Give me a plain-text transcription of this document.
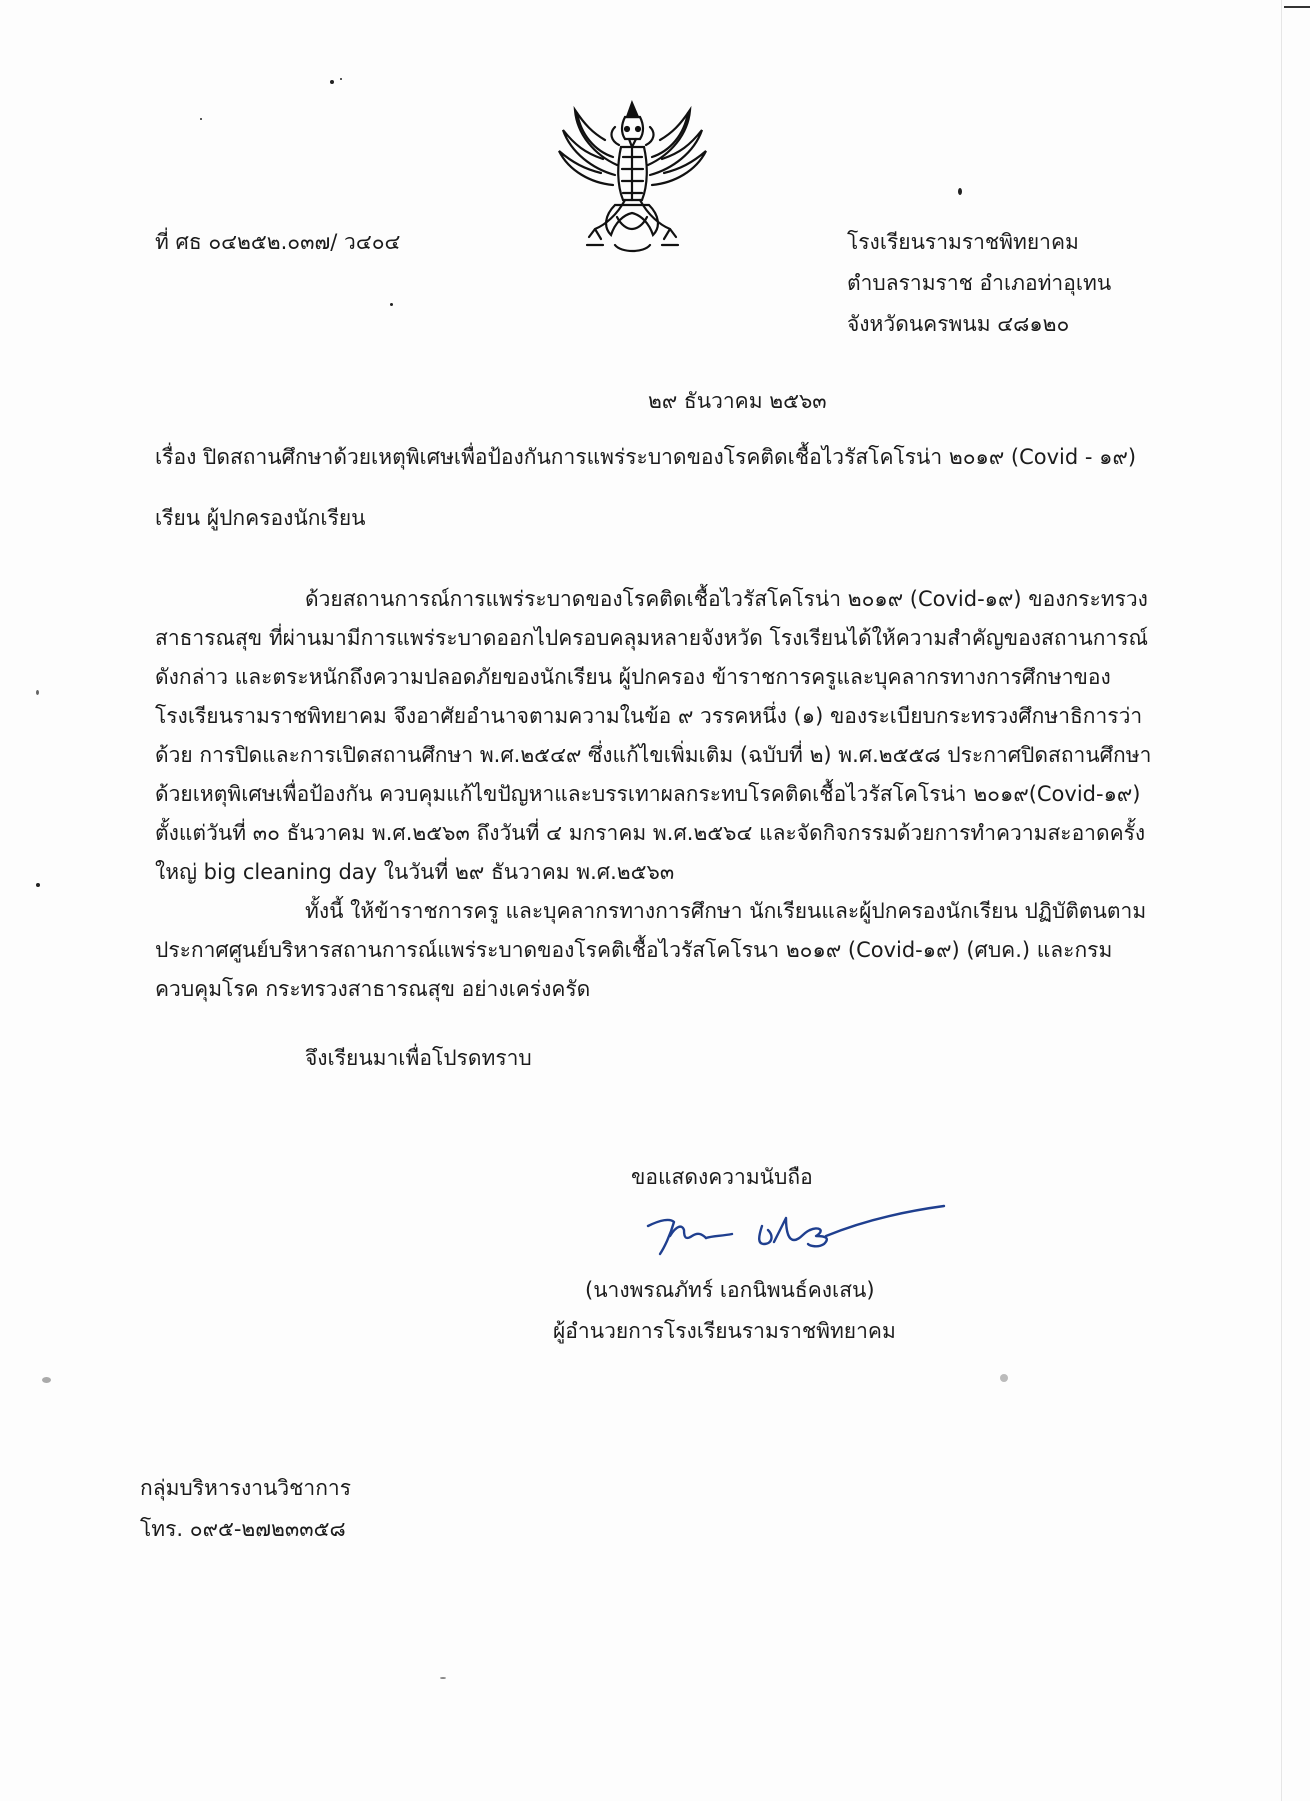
ที่ ศธ ๐๔๒๕๒.๐๓๗/ ว๔๐๔	โรงเรียนรามราชพิทยาคม
ตำบลรามราช อำเภอท่าอุเทน
จังหวัดนครพนม ๔๘๑๒๐
๒๙ ธันวาคม ๒๕๖๓
เรื่อง ปิดสถานศึกษาด้วยเหตุพิเศษเพื่อป้องกันการแพร่ระบาดของโรคติดเชื้อไวรัสโคโรน่า ๒๐๑๙ (Covid - ๑๙)
เรียน ผู้ปกครองนักเรียน
ด้วยสถานการณ์การแพร่ระบาดของโรคติดเชื้อไวรัสโคโรน่า ๒๐๑๙ (Covid-๑๙) ของกระทรวง
สาธารณสุข ที่ผ่านมามีการแพร่ระบาดออกไปครอบคลุมหลายจังหวัด โรงเรียนได้ให้ความสำคัญของสถานการณ์
ดังกล่าว และตระหนักถึงความปลอดภัยของนักเรียน ผู้ปกครอง ข้าราชการครูและบุคลากรทางการศึกษาของ
โรงเรียนรามราชพิทยาคม จึงอาศัยอำนาจตามความในข้อ ๙ วรรคหนึ่ง (๑) ของระเบียบกระทรวงศึกษาธิการว่า
ด้วย การปิดและการเปิดสถานศึกษา พ.ศ.๒๕๔๙ ซึ่งแก้ไขเพิ่มเติม (ฉบับที่ ๒) พ.ศ.๒๕๕๘ ประกาศปิดสถานศึกษา
ด้วยเหตุพิเศษเพื่อป้องกัน ควบคุมแก้ไขปัญหาและบรรเทาผลกระทบโรคติดเชื้อไวรัสโคโรน่า ๒๐๑๙(Covid-๑๙)
ตั้งแต่วันที่ ๓๐ ธันวาคม พ.ศ.๒๕๖๓ ถึงวันที่ ๔ มกราคม พ.ศ.๒๕๖๔ และจัดกิจกรรมด้วยการทำความสะอาดครั้ง
ใหญ่ big cleaning day ในวันที่ ๒๙ ธันวาคม พ.ศ.๒๕๖๓
ทั้งนี้ ให้ข้าราชการครู และบุคลากรทางการศึกษา นักเรียนและผู้ปกครองนักเรียน ปฏิบัติตนตาม
ประกาศศูนย์บริหารสถานการณ์แพร่ระบาดของโรคติเชื้อไวรัสโคโรนา ๒๐๑๙ (Covid-๑๙) (ศบค.) และกรม
ควบคุมโรค กระทรวงสาธารณสุข อย่างเคร่งครัด
จึงเรียนมาเพื่อโปรดทราบ
ขอแสดงความนับถือ
(นางพรณภัทร์ เอกนิพนธ์คงเสน)
ผู้อำนวยการโรงเรียนรามราชพิทยาคม
กลุ่มบริหารงานวิชาการ
โทร. ๐๙๕-๒๗๒๓๓๕๘
